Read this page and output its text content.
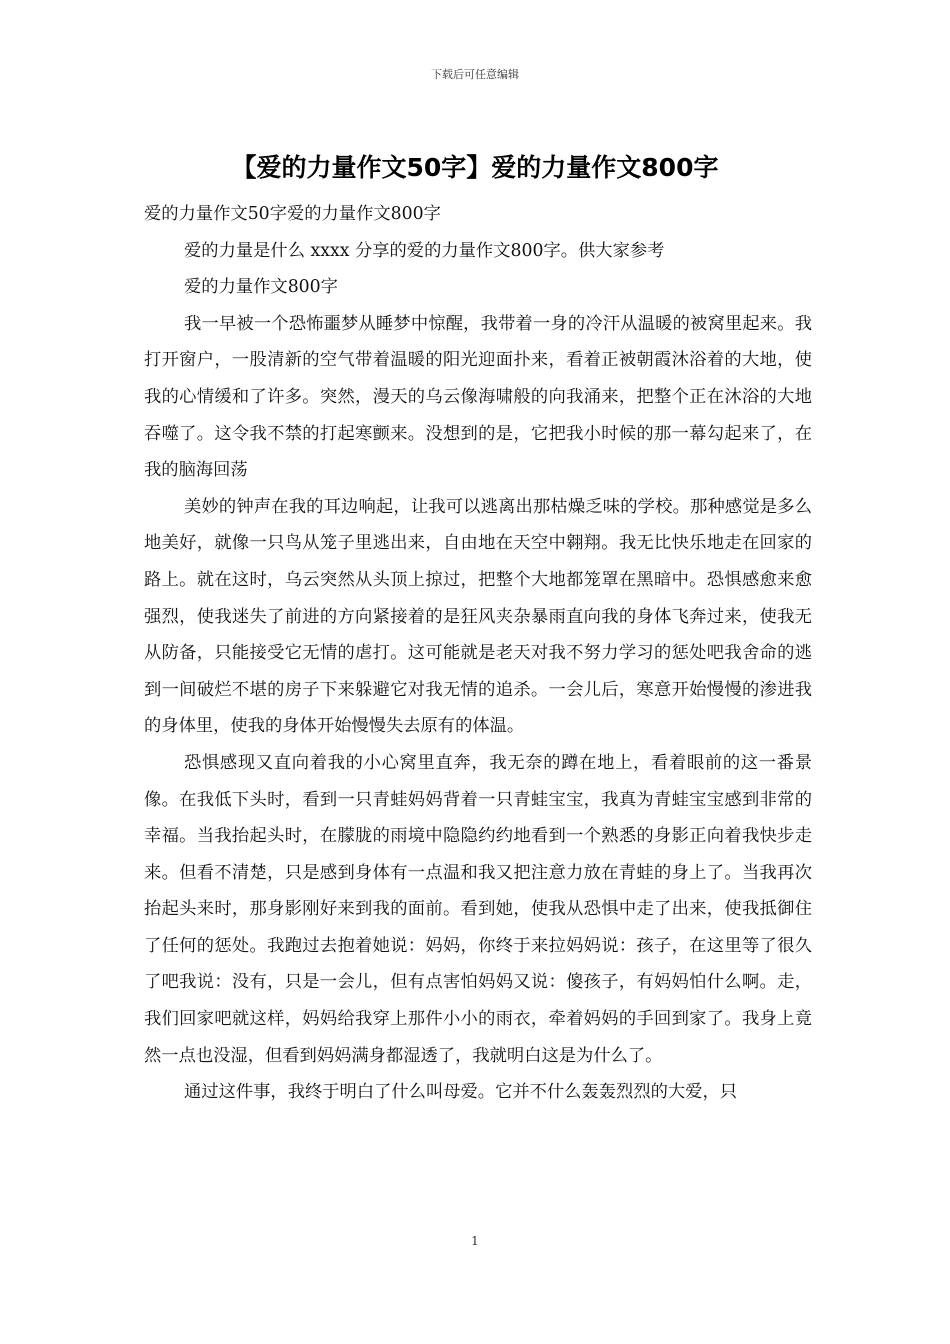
下载后可任意编辑
【爱的力量作文50字】爱的力量作文800字

爱的力量作文50字爱的力量作文800字

爱的力量是什么 xxxx 分享的爱的力量作文800字。供大家参考

爱的力量作文800字

我一早被一个恐怖噩梦从睡梦中惊醒，我带着一身的冷汗从温暖的被窝里起来。我打开窗户，一股清新的空气带着温暖的阳光迎面扑来，看着正被朝霞沐浴着的大地，使我的心情缓和了许多。突然，漫天的乌云像海啸般的向我涌来，把整个正在沐浴的大地吞噬了。这令我不禁的打起寒颤来。没想到的是，它把我小时候的那一幕勾起来了，在我的脑海回荡

美妙的钟声在我的耳边响起，让我可以逃离出那枯燥乏味的学校。那种感觉是多么地美好，就像一只鸟从笼子里逃出来，自由地在天空中翱翔。我无比快乐地走在回家的路上。就在这时，乌云突然从头顶上掠过，把整个大地都笼罩在黑暗中。恐惧感愈来愈强烈，使我迷失了前进的方向紧接着的是狂风夹杂暴雨直向我的身体飞奔过来，使我无从防备，只能接受它无情的虐打。这可能就是老天对我不努力学习的惩处吧我舍命的逃到一间破烂不堪的房子下来躲避它对我无情的追杀。一会儿后，寒意开始慢慢的渗进我的身体里，使我的身体开始慢慢失去原有的体温。

恐惧感现又直向着我的小心窝里直奔，我无奈的蹲在地上，看着眼前的这一番景像。在我低下头时，看到一只青蛙妈妈背着一只青蛙宝宝，我真为青蛙宝宝感到非常的幸福。当我抬起头时，在朦胧的雨境中隐隐约约地看到一个熟悉的身影正向着我快步走来。但看不清楚，只是感到身体有一点温和我又把注意力放在青蛙的身上了。当我再次抬起头来时，那身影刚好来到我的面前。看到她，使我从恐惧中走了出来，使我抵御住了任何的惩处。我跑过去抱着她说：妈妈，你终于来拉妈妈说：孩子，在这里等了很久了吧我说：没有，只是一会儿，但有点害怕妈妈又说：傻孩子，有妈妈怕什么啊。走，我们回家吧就这样，妈妈给我穿上那件小小的雨衣，牵着妈妈的手回到家了。我身上竟然一点也没湿，但看到妈妈满身都湿透了，我就明白这是为什么了。

通过这件事，我终于明白了什么叫母爱。它并不什么轰轰烈烈的大爱，只

1
